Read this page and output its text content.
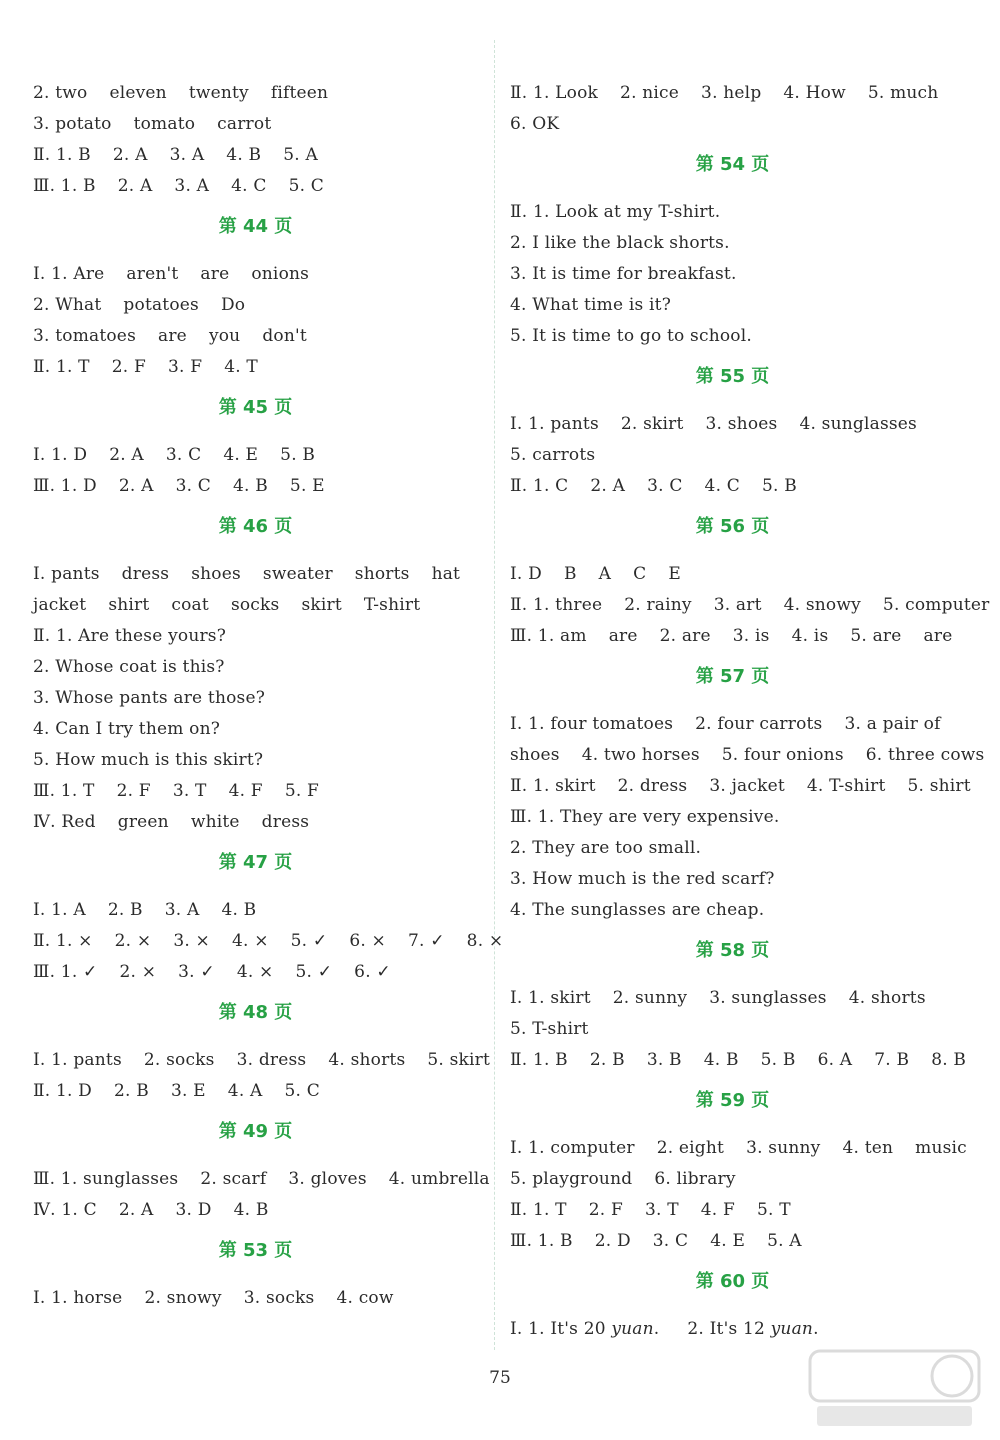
2. two eleven twenty fifteen
3. potato tomato carrot
Ⅱ. 1. B 2. A 3. A 4. B 5. A
Ⅲ. 1. B 2. A 3. A 4. C 5. C
第 44 页
Ⅰ. 1. Are aren't are onions
2. What potatoes Do
3. tomatoes are you don't
Ⅱ. 1. T 2. F 3. F 4. T
第 45 页
Ⅰ. 1. D 2. A 3. C 4. E 5. B
Ⅲ. 1. D 2. A 3. C 4. B 5. E
第 46 页
Ⅰ. pants dress shoes sweater shorts hat
jacket shirt coat socks skirt T-shirt
Ⅱ. 1. Are these yours?
2. Whose coat is this?
3. Whose pants are those?
4. Can I try them on?
5. How much is this skirt?
Ⅲ. 1. T 2. F 3. T 4. F 5. F
Ⅳ. Red green white dress
第 47 页
Ⅰ. 1. A 2. B 3. A 4. B
Ⅱ. 1. × 2. × 3. × 4. × 5. ✓ 6. × 7. ✓ 8. ×
Ⅲ. 1. ✓ 2. × 3. ✓ 4. × 5. ✓ 6. ✓
第 48 页
Ⅰ. 1. pants 2. socks 3. dress 4. shorts 5. skirt
Ⅱ. 1. D 2. B 3. E 4. A 5. C
第 49 页
Ⅲ. 1. sunglasses 2. scarf 3. gloves 4. umbrella
Ⅳ. 1. C 2. A 3. D 4. B
第 53 页
Ⅰ. 1. horse 2. snowy 3. socks 4. cow
Ⅱ. 1. Look 2. nice 3. help 4. How 5. much
6. OK
第 54 页
Ⅱ. 1. Look at my T-shirt.
2. I like the black shorts.
3. It is time for breakfast.
4. What time is it?
5. It is time to go to school.
第 55 页
Ⅰ. 1. pants 2. skirt 3. shoes 4. sunglasses
5. carrots
Ⅱ. 1. C 2. A 3. C 4. C 5. B
第 56 页
Ⅰ. D B A C E
Ⅱ. 1. three 2. rainy 3. art 4. snowy 5. computer
Ⅲ. 1. am are 2. are 3. is 4. is 5. are are
第 57 页
Ⅰ. 1. four tomatoes 2. four carrots 3. a pair of
shoes 4. two horses 5. four onions 6. three cows
Ⅱ. 1. skirt 2. dress 3. jacket 4. T-shirt 5. shirt
Ⅲ. 1. They are very expensive.
2. They are too small.
3. How much is the red scarf?
4. The sunglasses are cheap.
第 58 页
Ⅰ. 1. skirt 2. sunny 3. sunglasses 4. shorts
5. T-shirt
Ⅱ. 1. B 2. B 3. B 4. B 5. B 6. A 7. B 8. B
第 59 页
Ⅰ. 1. computer 2. eight 3. sunny 4. ten music
5. playground 6. library
Ⅱ. 1. T 2. F 3. T 4. F 5. T
Ⅲ. 1. B 2. D 3. C 4. E 5. A
第 60 页
Ⅰ. 1. It's 20 yuan.     2. It's 12 yuan.
75
